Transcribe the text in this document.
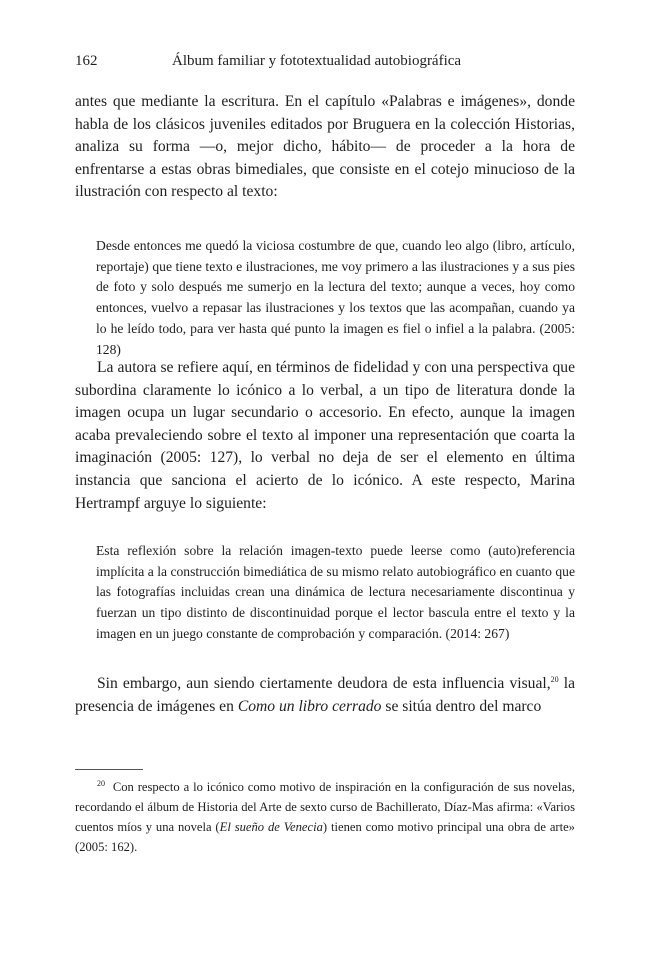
162	Álbum familiar y fototextualidad autobiográfica

antes que mediante la escritura. En el capítulo «Palabras e imágenes», donde habla de los clásicos juveniles editados por Bruguera en la colección Historias, analiza su forma —o, mejor dicho, hábito— de proceder a la hora de enfrentarse a estas obras bimediales, que consiste en el cotejo minucioso de la ilustración con respecto al texto:

Desde entonces me quedó la viciosa costumbre de que, cuando leo algo (libro, artículo, reportaje) que tiene texto e ilustraciones, me voy primero a las ilustraciones y a sus pies de foto y solo después me sumerjo en la lectura del texto; aunque a veces, hoy como entonces, vuelvo a repasar las ilustraciones y los textos que las acompañan, cuando ya lo he leído todo, para ver hasta qué punto la imagen es fiel o infiel a la palabra. (2005: 128)

La autora se refiere aquí, en términos de fidelidad y con una perspectiva que subordina claramente lo icónico a lo verbal, a un tipo de literatura donde la imagen ocupa un lugar secundario o accesorio. En efecto, aunque la imagen acaba prevaleciendo sobre el texto al imponer una representación que coarta la imaginación (2005: 127), lo verbal no deja de ser el elemento en última instancia que sanciona el acierto de lo icónico. A este respecto, Marina Hertrampf arguye lo siguiente:

Esta reflexión sobre la relación imagen-texto puede leerse como (auto)referencia implícita a la construcción bimediática de su mismo relato autobiográfico en cuanto que las fotografías incluidas crean una dinámica de lectura necesariamente discontinua y fuerzan un tipo distinto de discontinuidad porque el lector bascula entre el texto y la imagen en un juego constante de comprobación y comparación. (2014: 267)

Sin embargo, aun siendo ciertamente deudora de esta influencia visual,$^{20}$ la presencia de imágenes en Como un libro cerrado se sitúa dentro del marco

$^{20}$ Con respecto a lo icónico como motivo de inspiración en la configuración de sus novelas, recordando el álbum de Historia del Arte de sexto curso de Bachillerato, Díaz-Mas afirma: «Varios cuentos míos y una novela (El sueño de Venecia) tienen como motivo principal una obra de arte» (2005: 162).
